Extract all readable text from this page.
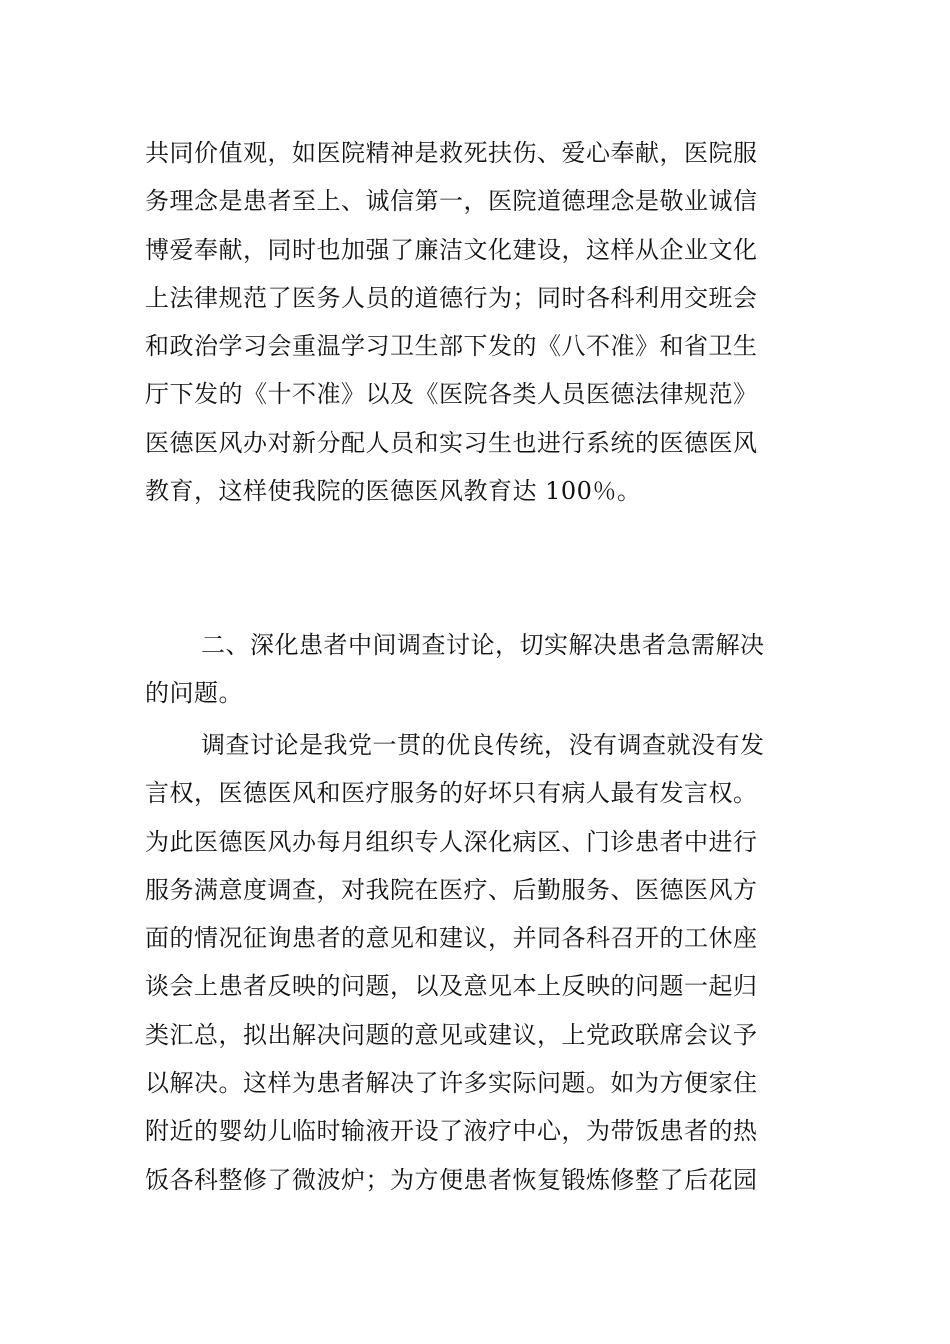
共同价值观，如医院精神是救死扶伤、爱心奉献，医院服
务理念是患者至上、诚信第一，医院道德理念是敬业诚信
博爱奉献，同时也加强了廉洁文化建设，这样从企业文化
上法律规范了医务人员的道德行为；同时各科利用交班会
和政治学习会重温学习卫生部下发的《八不准》和省卫生
厅下发的《十不准》以及《医院各类人员医德法律规范》
医德医风办对新分配人员和实习生也进行系统的医德医风
教育，这样使我院的医德医风教育达 100％。
二、深化患者中间调查讨论，切实解决患者急需解决
的问题。
调查讨论是我党一贯的优良传统，没有调查就没有发
言权，医德医风和医疗服务的好坏只有病人最有发言权。
为此医德医风办每月组织专人深化病区、门诊患者中进行
服务满意度调查，对我院在医疗、后勤服务、医德医风方
面的情况征询患者的意见和建议，并同各科召开的工休座
谈会上患者反映的问题，以及意见本上反映的问题一起归
类汇总，拟出解决问题的意见或建议，上党政联席会议予
以解决。这样为患者解决了许多实际问题。如为方便家住
附近的婴幼儿临时输液开设了液疗中心，为带饭患者的热
饭各科整修了微波炉；为方便患者恢复锻炼修整了后花园
